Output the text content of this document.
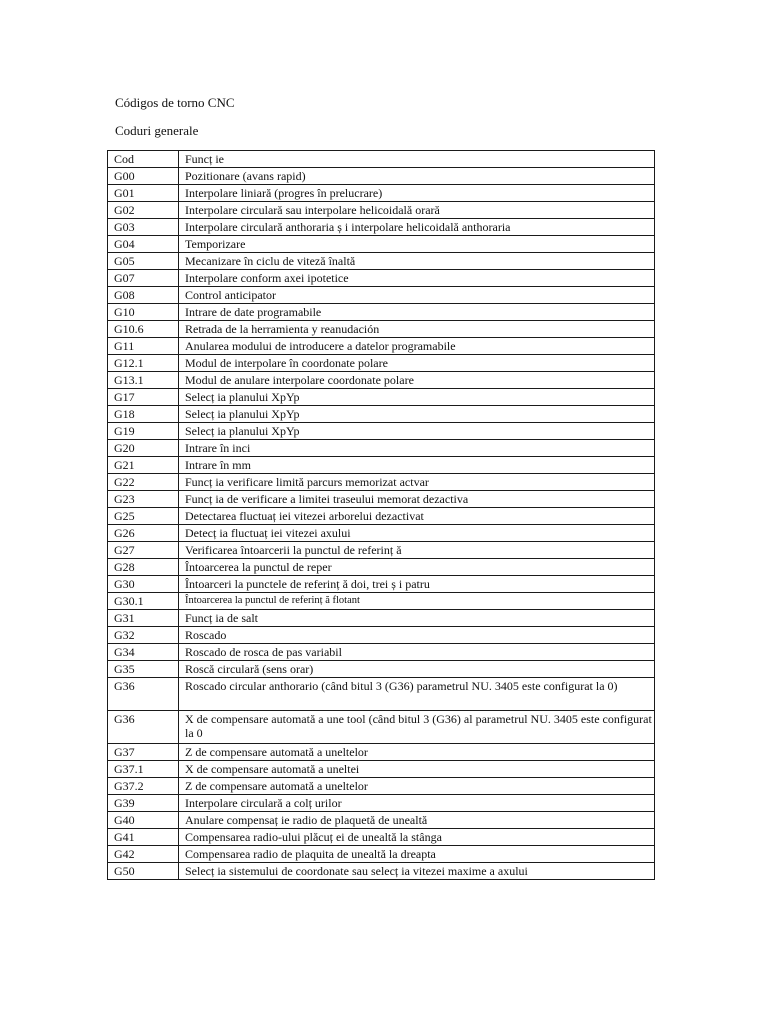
Códigos de torno CNC
Coduri generale
Cod	Funcț ie
G00	Pozitionare (avans rapid)
G01	Interpolare liniară (progres în prelucrare)
G02	Interpolare circulară sau interpolare helicoidală orară
G03	Interpolare circulară anthoraria ș i interpolare helicoidală anthoraria
G04	Temporizare
G05	Mecanizare în ciclu de viteză înaltă
G07	Interpolare conform axei ipotetice
G08	Control anticipator
G10	Intrare de date programabile
G10.6	Retrada de la herramienta y reanudación
G11	Anularea modului de introducere a datelor programabile
G12.1	Modul de interpolare în coordonate polare
G13.1	Modul de anulare interpolare coordonate polare
G17	Selecț ia planului XpYp
G18	Selecț ia planului XpYp
G19	Selecț ia planului XpYp
G20	Intrare în inci
G21	Intrare în mm
G22	Funcț ia verificare limită parcurs memorizat actvar
G23	Funcț ia de verificare a limitei traseului memorat dezactiva
G25	Detectarea fluctuaț iei vitezei arborelui dezactivat
G26	Detecț ia fluctuaț iei vitezei axului
G27	Verificarea întoarcerii la punctul de referinț ă
G28	Întoarcerea la punctul de reper
G30	Întoarceri la punctele de referinț ă doi, trei ș i patru
G30.1	Întoarcerea la punctul de referinț ă flotant
G31	Funcț ia de salt
G32	Roscado
G34	Roscado de rosca de pas variabil
G35	Roscă circulară (sens orar)
G36	Roscado circular anthorario (când bitul 3 (G36) parametrul NU. 3405 este configurat la 0)
G36	X de compensare automată a une tool (când bitul 3 (G36) al parametrul NU. 3405 este configurat la 0
G37	Z de compensare automată a uneltelor
G37.1	X de compensare automată a uneltei
G37.2	Z de compensare automată a uneltelor
G39	Interpolare circulară a colț urilor
G40	Anulare compensaț ie radio de plaquetă de unealtă
G41	Compensarea radio-ului plăcuț ei de unealtă la stânga
G42	Compensarea radio de plaquita de unealtă la dreapta
G50	Selecț ia sistemului de coordonate sau selecț ia vitezei maxime a axului
